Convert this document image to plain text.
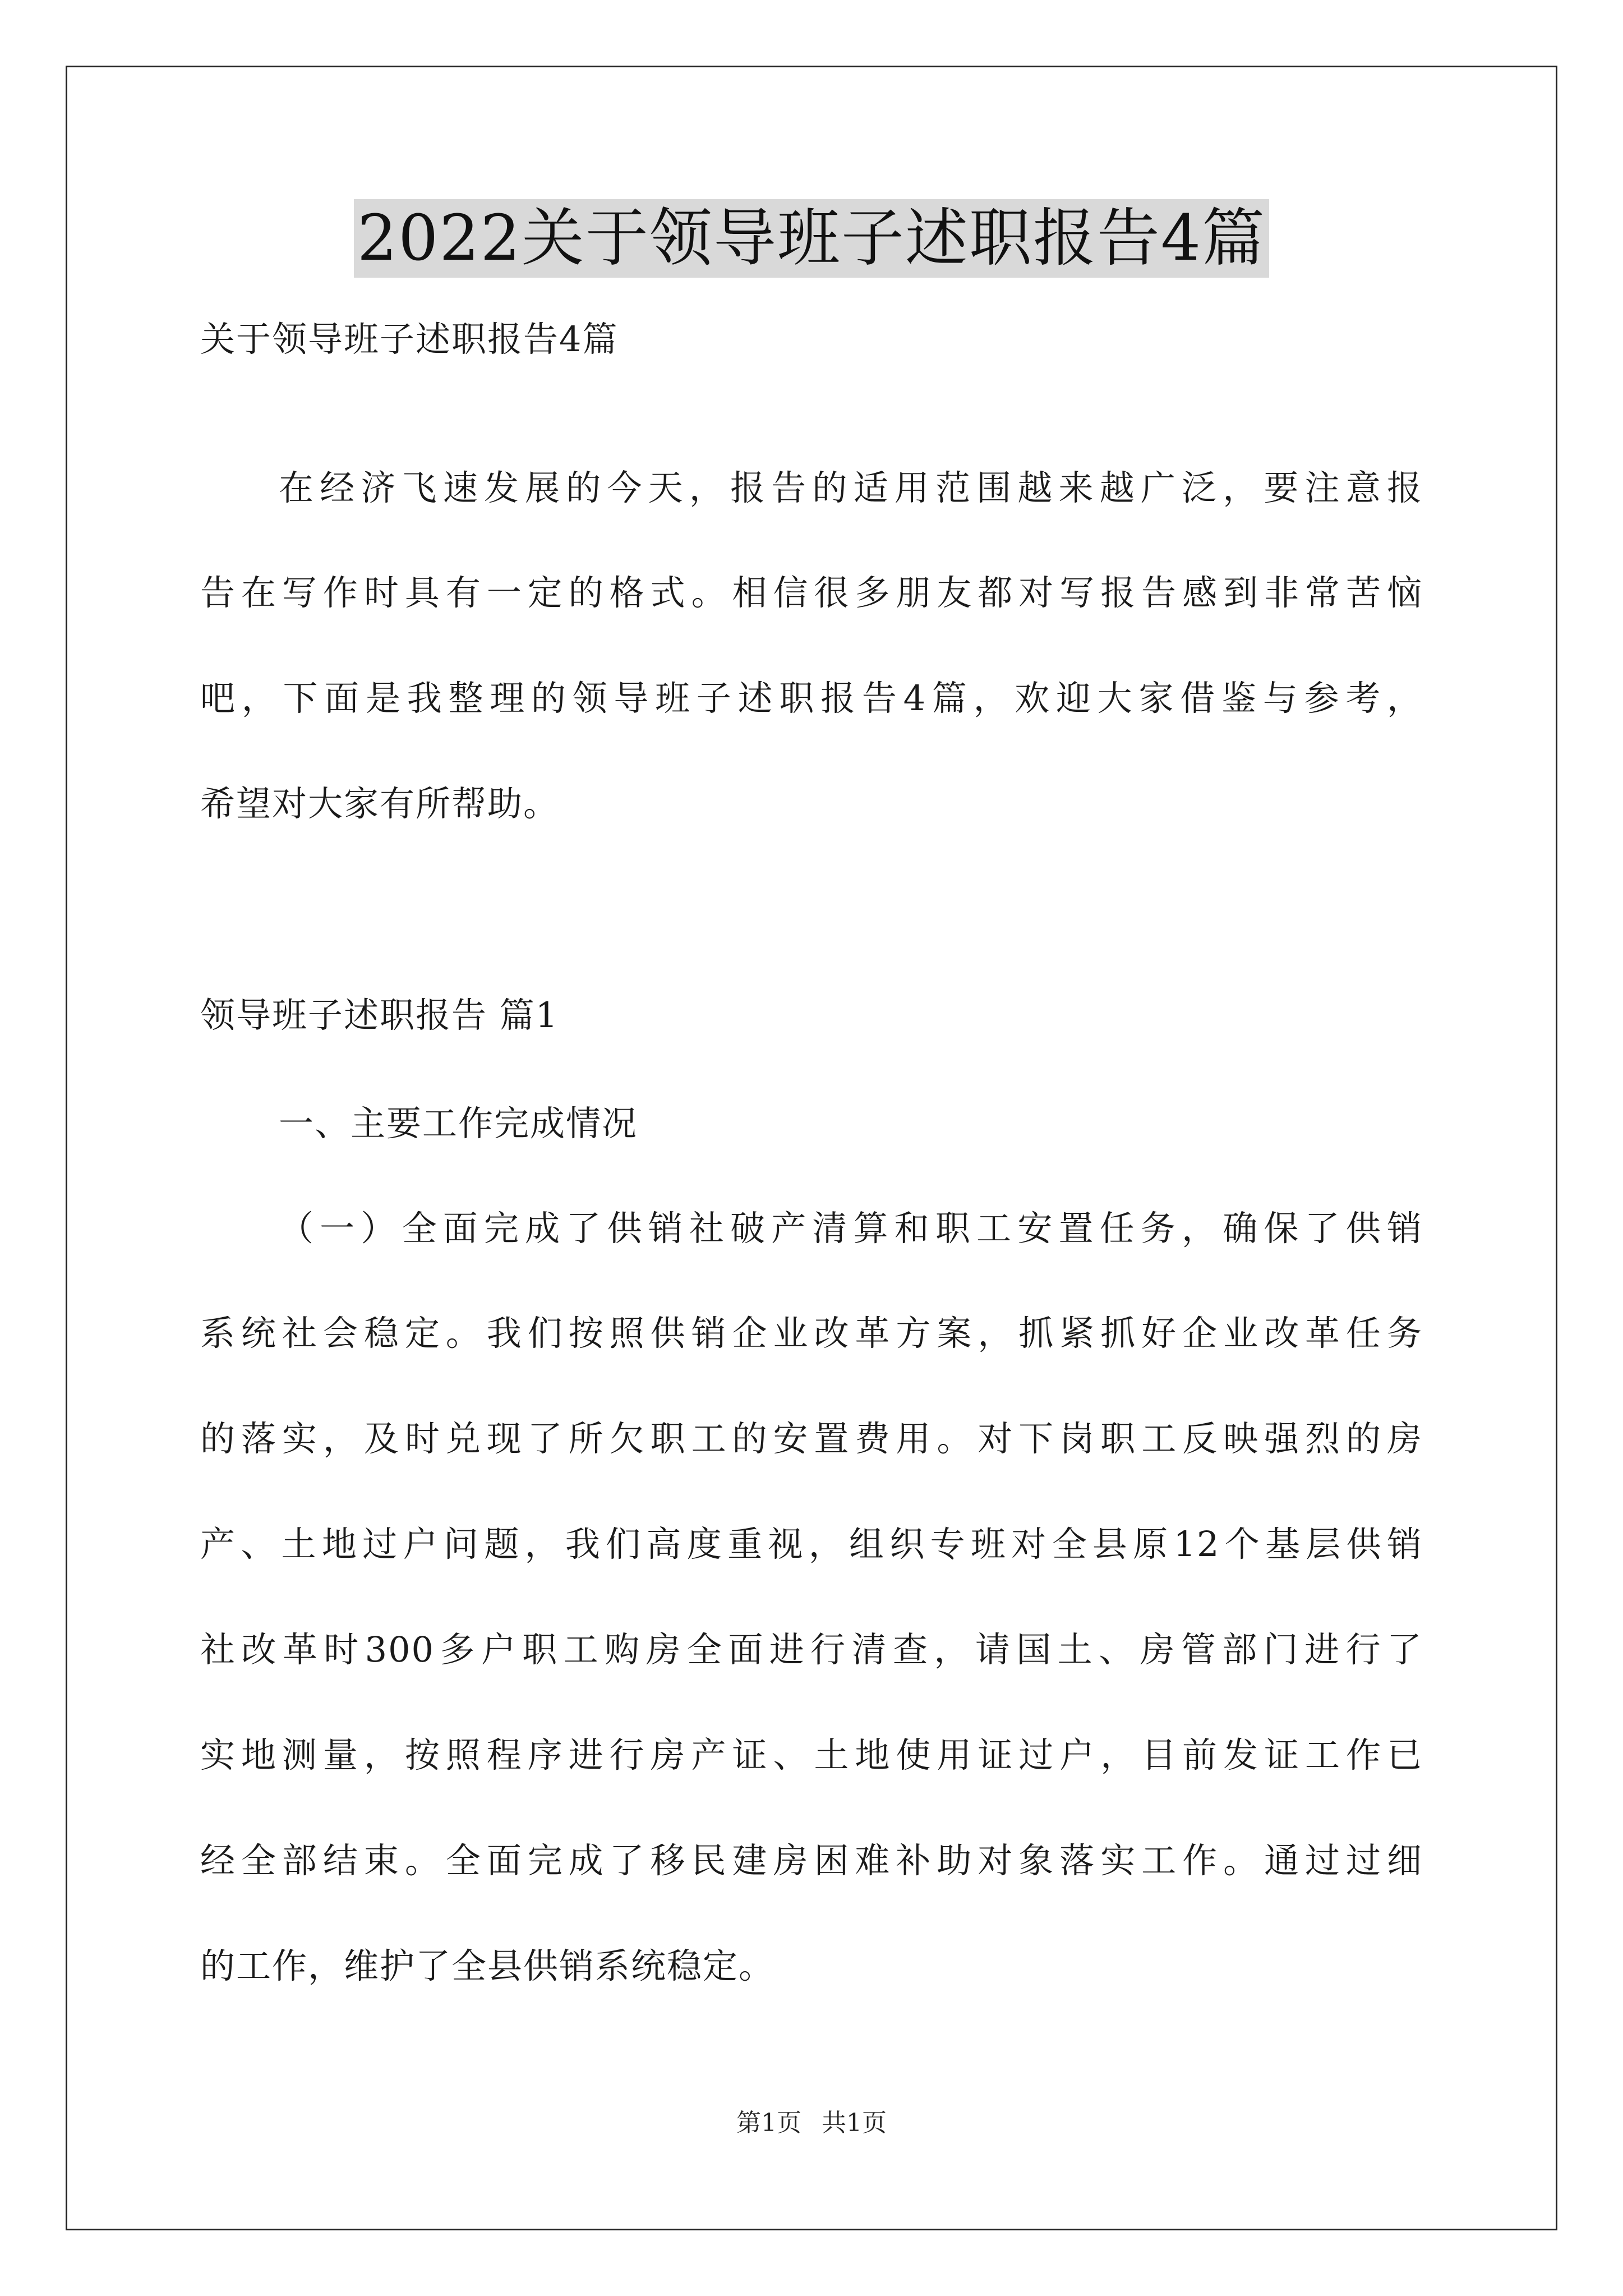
2022关于领导班子述职报告4篇
关于领导班子述职报告4篇
在经济飞速发展的今天，报告的适用范围越来越广泛，要注意报
告在写作时具有一定的格式。相信很多朋友都对写报告感到非常苦恼
吧，下面是我整理的领导班子述职报告4篇，欢迎大家借鉴与参考，
希望对大家有所帮助。
领导班子述职报告 篇1
一、主要工作完成情况
（一）全面完成了供销社破产清算和职工安置任务，确保了供销
系统社会稳定。我们按照供销企业改革方案，抓紧抓好企业改革任务
的落实，及时兑现了所欠职工的安置费用。对下岗职工反映强烈的房
产、土地过户问题，我们高度重视，组织专班对全县原12个基层供销
社改革时300多户职工购房全面进行清查，请国土、房管部门进行了
实地测量，按照程序进行房产证、土地使用证过户，目前发证工作已
经全部结束。全面完成了移民建房困难补助对象落实工作。通过过细
的工作，维护了全县供销系统稳定。
第1页 共1页
